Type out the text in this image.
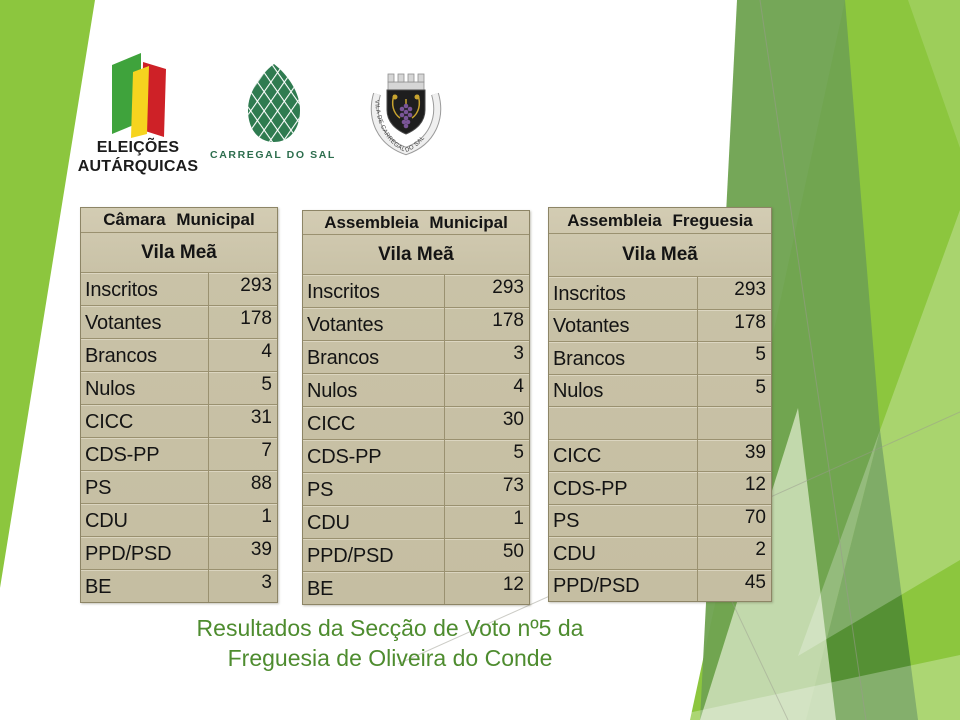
ELEIÇÕES
AUTÁRQUICAS
CARREGAL DO SAL
VILA DE CARREGAL DO SAL
Câmara Municipal
Vila Meã
Inscritos	293
Votantes	178
Brancos	4
Nulos	5
CICC	31
CDS-PP	7
PS	88
CDU	1
PPD/PSD	39
BE	3
Assembleia Municipal
Vila Meã
Inscritos	293
Votantes	178
Brancos	3
Nulos	4
CICC	30
CDS-PP	5
PS	73
CDU	1
PPD/PSD	50
BE	12
Assembleia Freguesia
Vila Meã
Inscritos	293
Votantes	178
Brancos	5
Nulos	5
CICC	39
CDS-PP	12
PS	70
CDU	2
PPD/PSD	45
Resultados da Secção de Voto nº5 da
Freguesia de Oliveira do Conde
